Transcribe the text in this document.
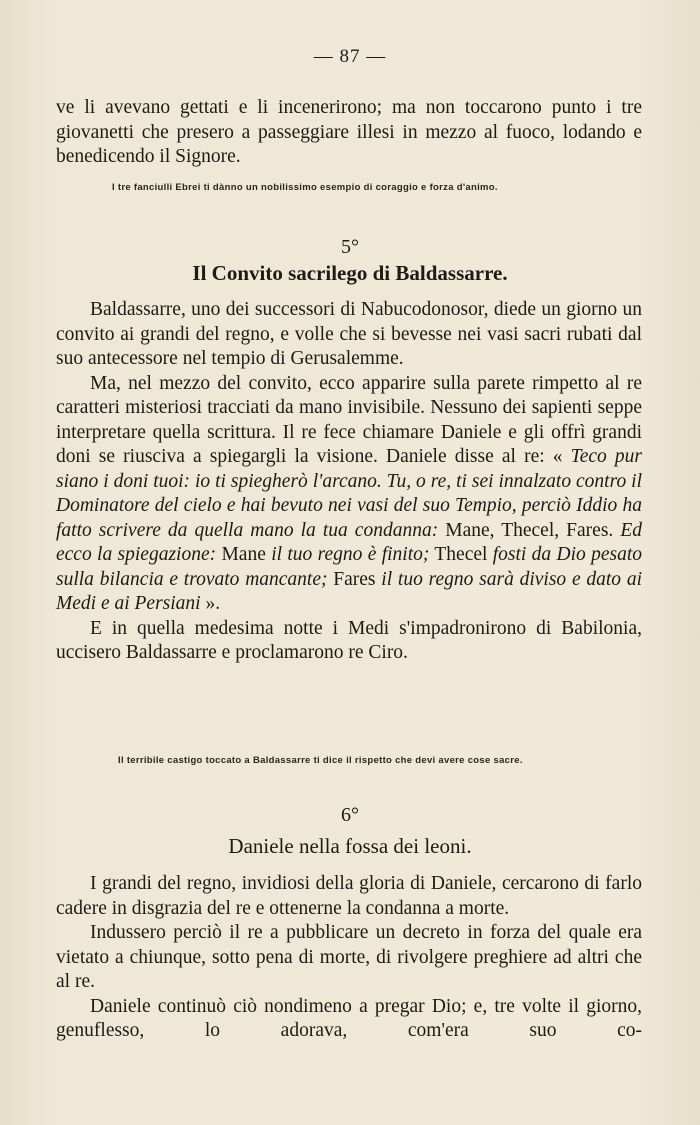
— 87 —

ve li avevano gettati e li incenerirono; ma non toccarono punto i tre giovanetti che presero a passeggiare illesi in mezzo al fuoco, lodando e benedicendo il Signore.

I tre fanciulli Ebrei ti dànno un nobilissimo esempio di coraggio e forza d'animo.
5°
Il Convito sacrilego di Baldassarre.

Baldassarre, uno dei successori di Nabucodonosor, diede un giorno un convito ai grandi del regno, e volle che si bevesse nei vasi sacri rubati dal suo antecessore nel tempio di Gerusalemme.

Ma, nel mezzo del convito, ecco apparire sulla parete rimpetto al re caratteri misteriosi tracciati da mano invisibile. Nessuno dei sapienti seppe interpretare quella scrittura. Il re fece chiamare Daniele e gli offrì grandi doni se riusciva a spiegargli la visione. Daniele disse al re: « Teco pur siano i doni tuoi: io ti spiegherò l'arcano. Tu, o re, ti sei innalzato contro il Dominatore del cielo e hai bevuto nei vasi del suo Tempio, perciò Iddio ha fatto scrivere da quella mano la tua condanna: Mane, Thecel, Fares. Ed ecco la spiegazione: Mane il tuo regno è finito; Thecel fosti da Dio pesato sulla bilancia e trovato mancante; Fares il tuo regno sarà diviso e dato ai Medi e ai Persiani ».

E in quella medesima notte i Medi s'impadronirono di Babilonia, uccisero Baldassarre e proclamarono re Ciro.

Il terribile castigo toccato a Baldassarre ti dice il rispetto che devi avere cose sacre.
6°
Daniele nella fossa dei leoni.

I grandi del regno, invidiosi della gloria di Daniele, cercarono di farlo cadere in disgrazia del re e ottenerne la condanna a morte.

Indussero perciò il re a pubblicare un decreto in forza del quale era vietato a chiunque, sotto pena di morte, di rivolgere preghiere ad altri che al re.

Daniele continuò ciò nondimeno a pregar Dio; e, tre volte il giorno, genuflesso, lo adorava, com'era suo co-
